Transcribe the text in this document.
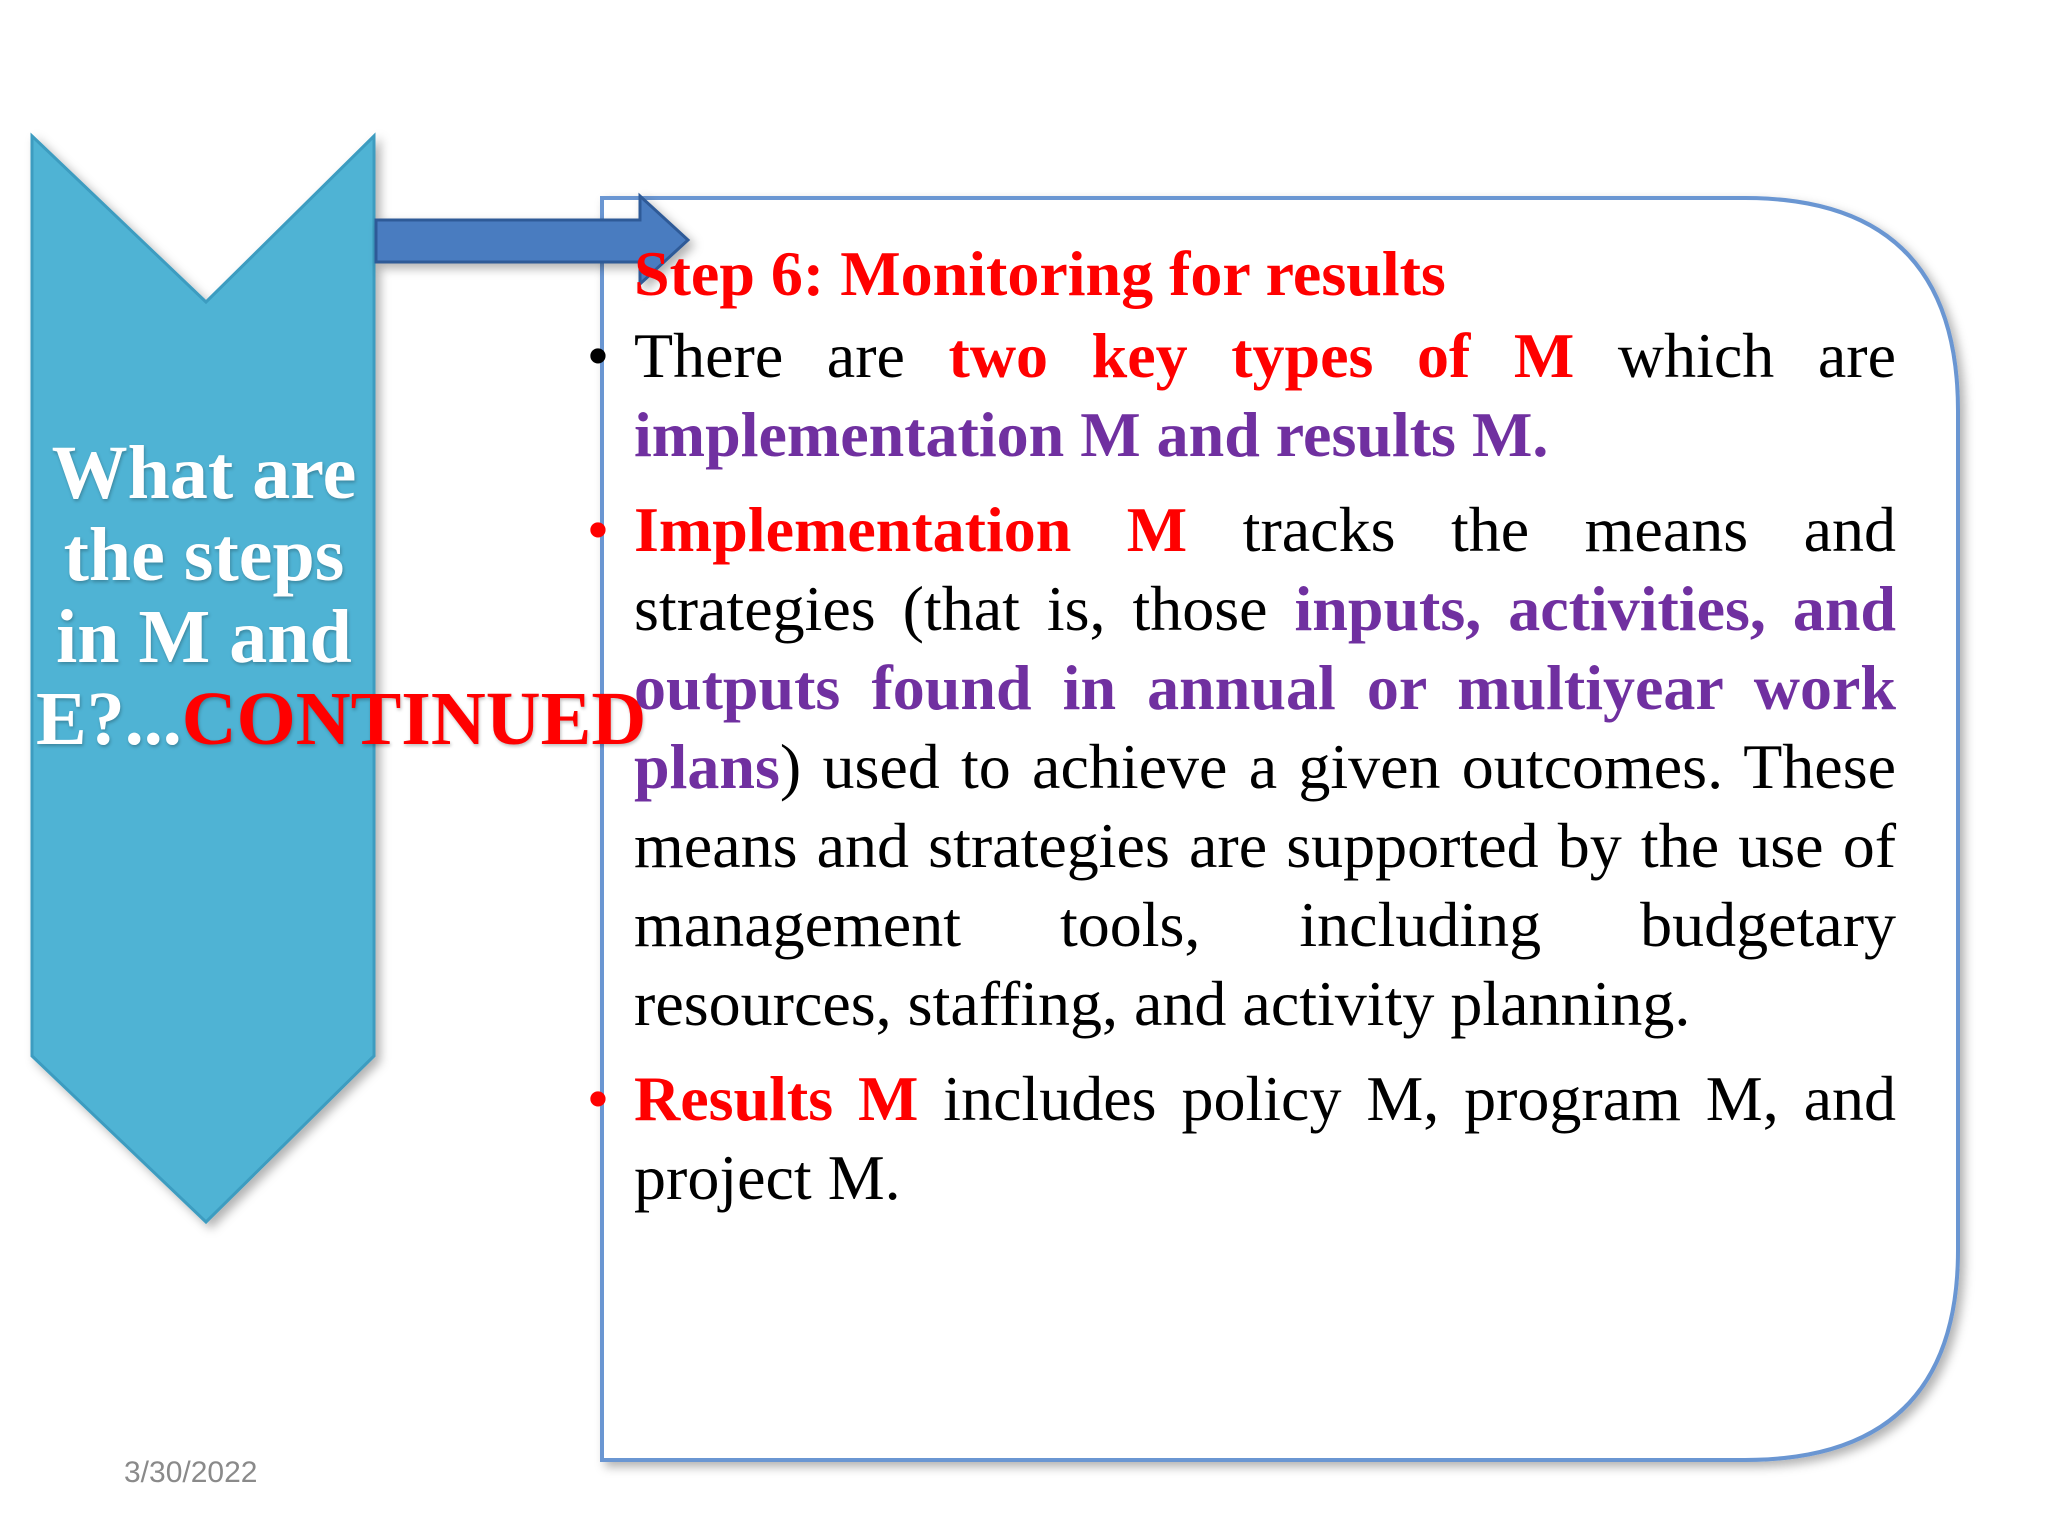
What are the steps in M and E?...CONTINUED

Step 6: Monitoring for results

• There are two key types of M which are implementation M and results M.
• Implementation M tracks the means and strategies (that is, those inputs, activities, and outputs found in annual or multiyear work plans) used to achieve a given outcomes. These means and strategies are supported by the use of management tools, including budgetary resources, staffing, and activity planning.
• Results M includes policy M, program M, and project M.
3/30/2022
